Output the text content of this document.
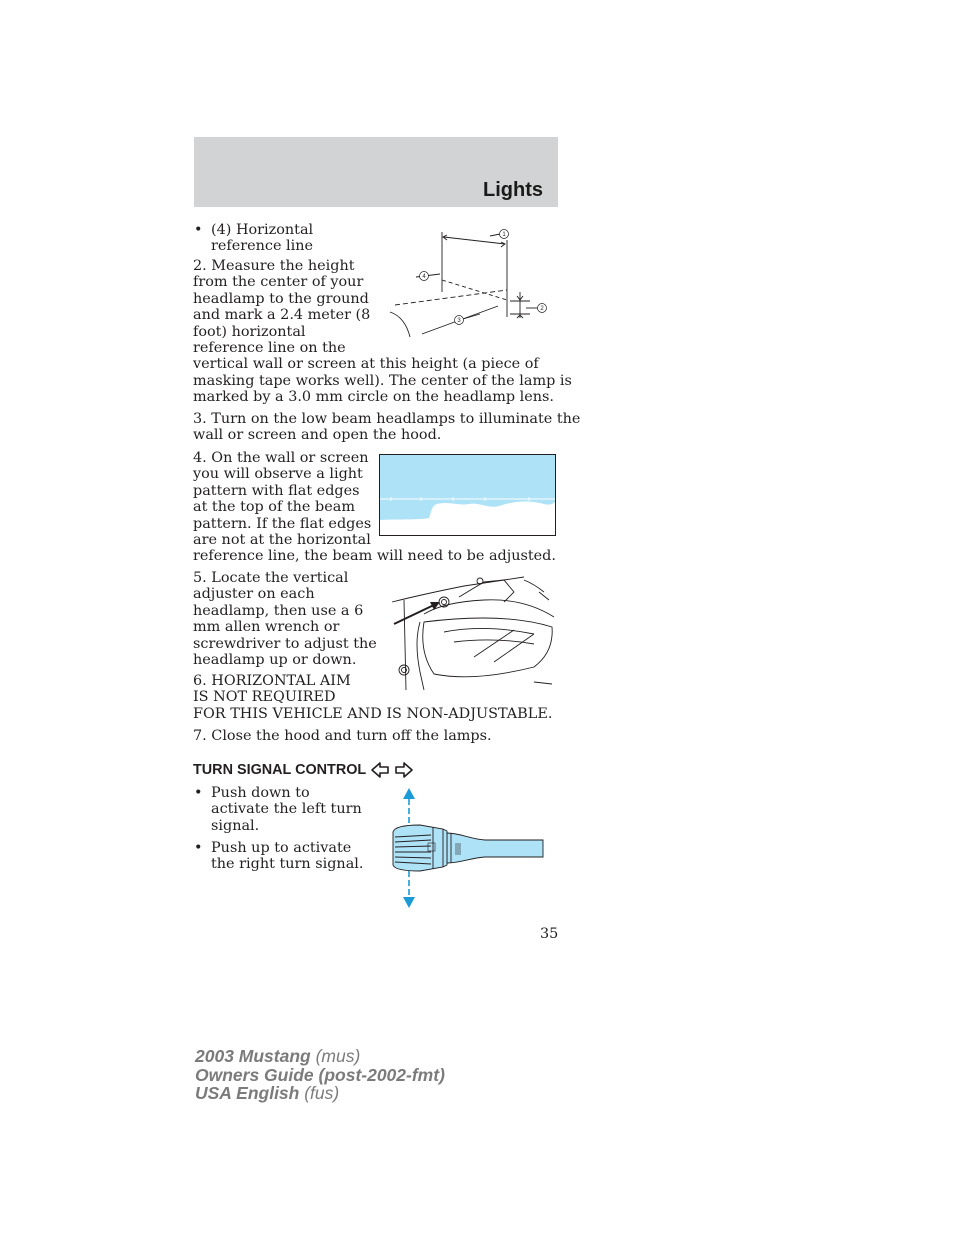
Lights
(4) Horizontal reference line
2. Measure the height
from the center of your
headlamp to the ground
and mark a 2.4 meter (8
foot) horizontal
reference line on the
vertical wall or screen at this height (a piece of
masking tape works well). The center of the lamp is
marked by a 3.0 mm circle on the headlamp lens.
1
2
3
4
3. Turn on the low beam headlamps to illuminate the
wall or screen and open the hood.
4. On the wall or screen
you will observe a light
pattern with flat edges
at the top of the beam
pattern. If the flat edges
are not at the horizontal
reference line, the beam will need to be adjusted.
5. Locate the vertical
adjuster on each
headlamp, then use a 6
mm allen wrench or
screwdriver to adjust the
headlamp up or down.
6. HORIZONTAL AIM
IS NOT REQUIRED
FOR THIS VEHICLE AND IS NON-ADJUSTABLE.
7. Close the hood and turn off the lamps.
TURN SIGNAL CONTROL
Push down to
activate the left turn
signal.
Push up to activate
the right turn signal.
35
2003 Mustang (mus)
Owners Guide (post-2002-fmt)
USA English (fus)
